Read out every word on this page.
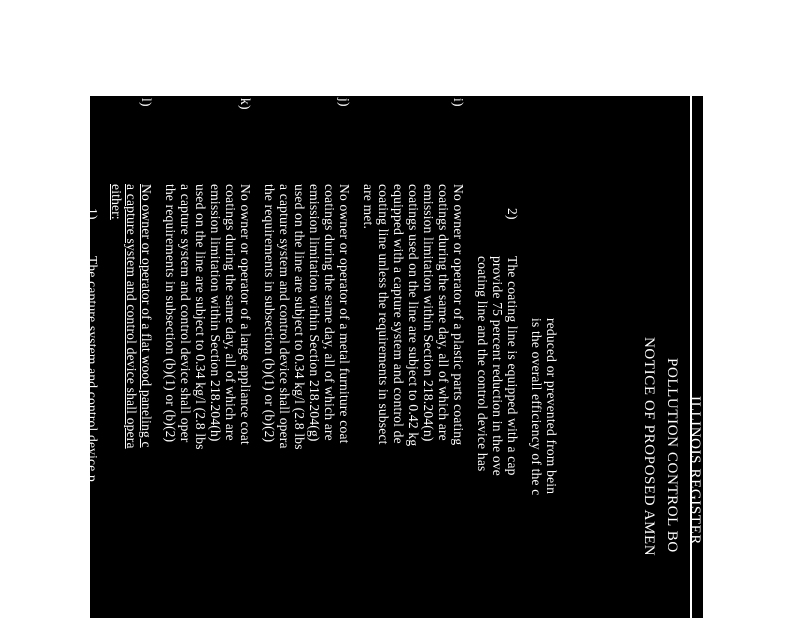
ILLINOIS REGISTER
POLLUTION CONTROL BO
NOTICE OF PROPOSED AMEN
reduced or prevented from bein
is the overall efficiency of the c
2)
The coating line is equipped with a cap
provide 75 percent reduction in the ove
coating line and the control device has
i)
No owner or operator of a plastic parts coating
coatings during the same day, all of which are
emission limitation within Section 218.204(n)
coatings used on the line are subject to 0.42 kg
equipped with a capture system and control de
coating line unless the requirements in subsect
are met.
j)
No owner or operator of a metal furniture coat
coatings during the same day, all of which are
emission limitation within Section 218.204(g)
used on the line are subject to 0.34 kg/l (2.8 lbs
a capture system and control device shall opera
the requirements in subsection (b)(1) or (b)(2)
k)
No owner or operator of a large appliance coat
coatings during the same day, all of which are
emission limitation within Section 218.204(h)
used on the line are subject to 0.34 kg/l (2.8 lbs
a capture system and control device shall oper
the requirements in subsection (b)(1) or (b)(2)
l)
No owner or operator of a flat wood paneling c
a capture system and control device shall opera
either:
1)
The capture system and control device p
reduction in the overall emissions of VC
2)
The owner or operator of the flat wood
with all requirements set forth in subsec
(Source: Amended at 34 Ill. Reg. ______, effective ______
)
